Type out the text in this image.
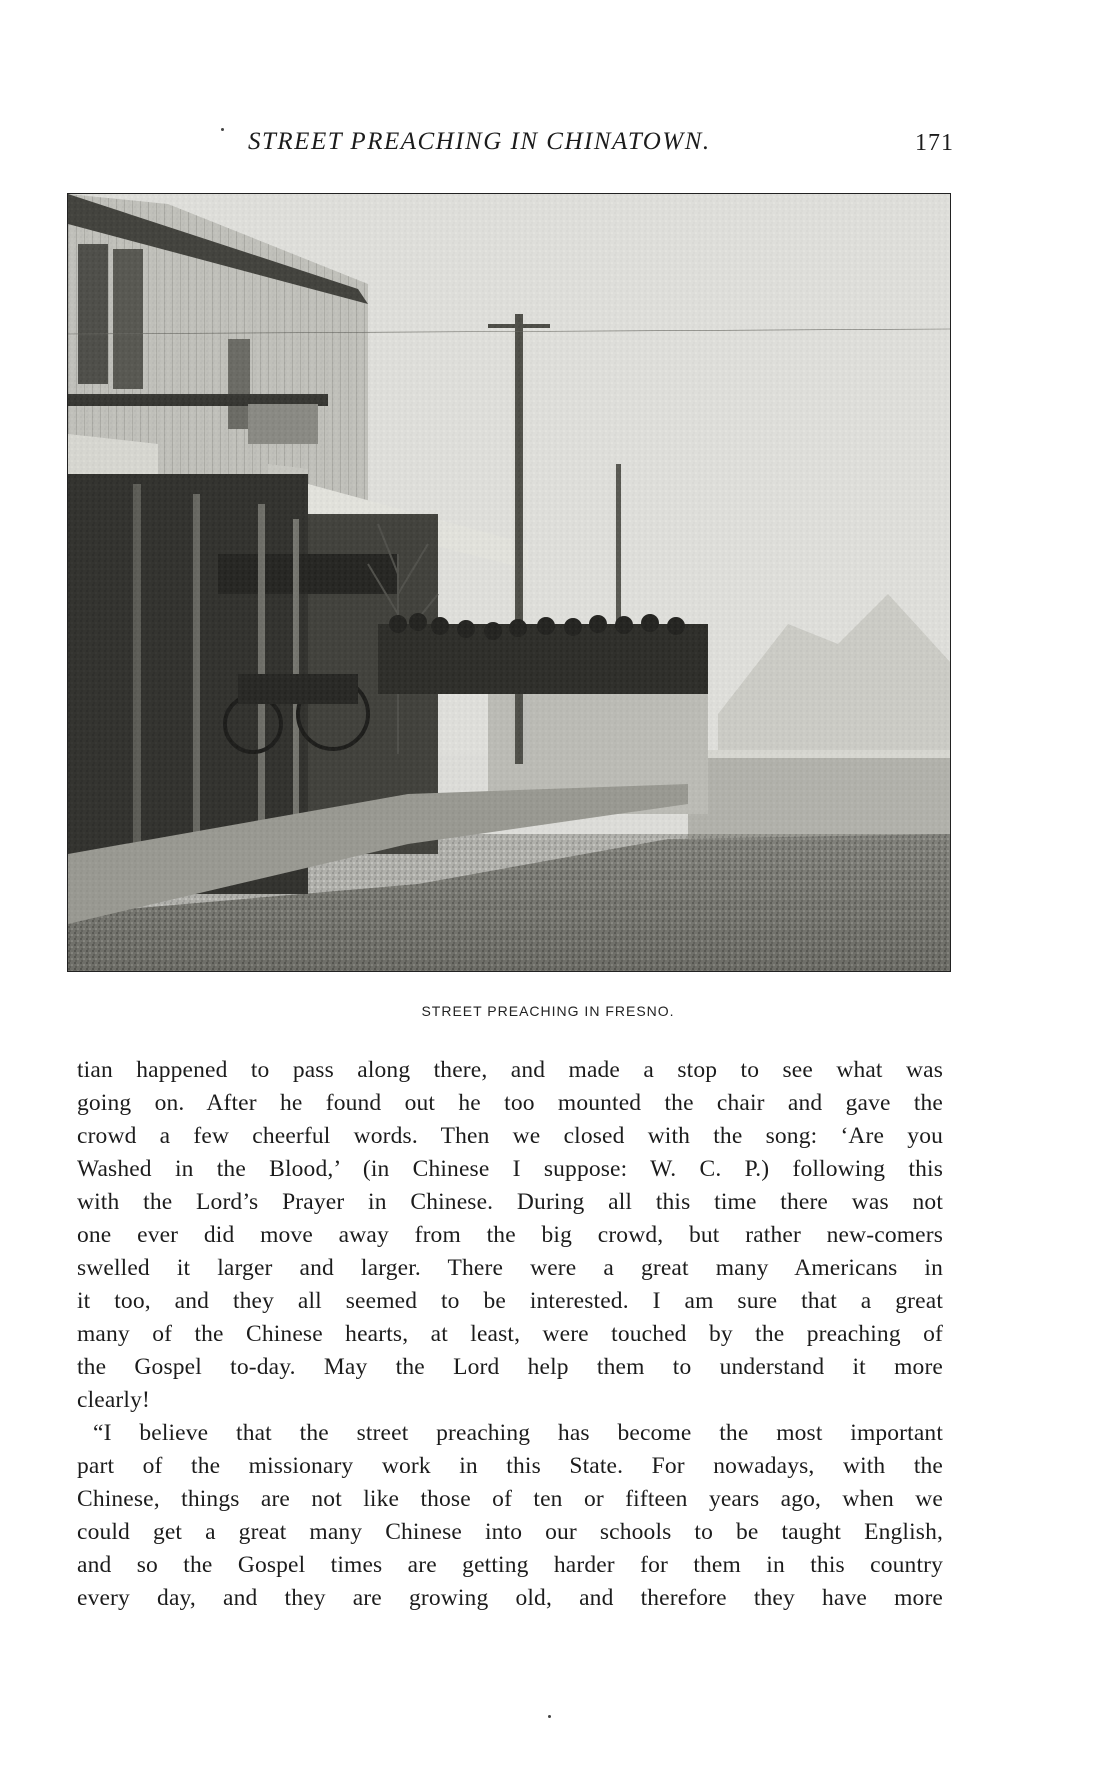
STREET PREACHING IN CHINATOWN.	171
STREET PREACHING IN FRESNO.
tian happened to pass along there, and made a stop to see what was
going on. After he found out he too mounted the chair and gave the
crowd a few cheerful words. Then we closed with the song: ‘Are you
Washed in the Blood,’ (in Chinese I suppose: W. C. P.) following this
with the Lord’s Prayer in Chinese. During all this time there was not
one ever did move away from the big crowd, but rather new-comers
swelled it larger and larger. There were a great many Americans in
it too, and they all seemed to be interested. I am sure that a great
many of the Chinese hearts, at least, were touched by the preaching of
the Gospel to-day. May the Lord help them to understand it more
clearly!
“I believe that the street preaching has become the most important
part of the missionary work in this State. For nowadays, with the
Chinese, things are not like those of ten or fifteen years ago, when we
could get a great many Chinese into our schools to be taught English,
and so the Gospel times are getting harder for them in this country
every day, and they are growing old, and therefore they have more
